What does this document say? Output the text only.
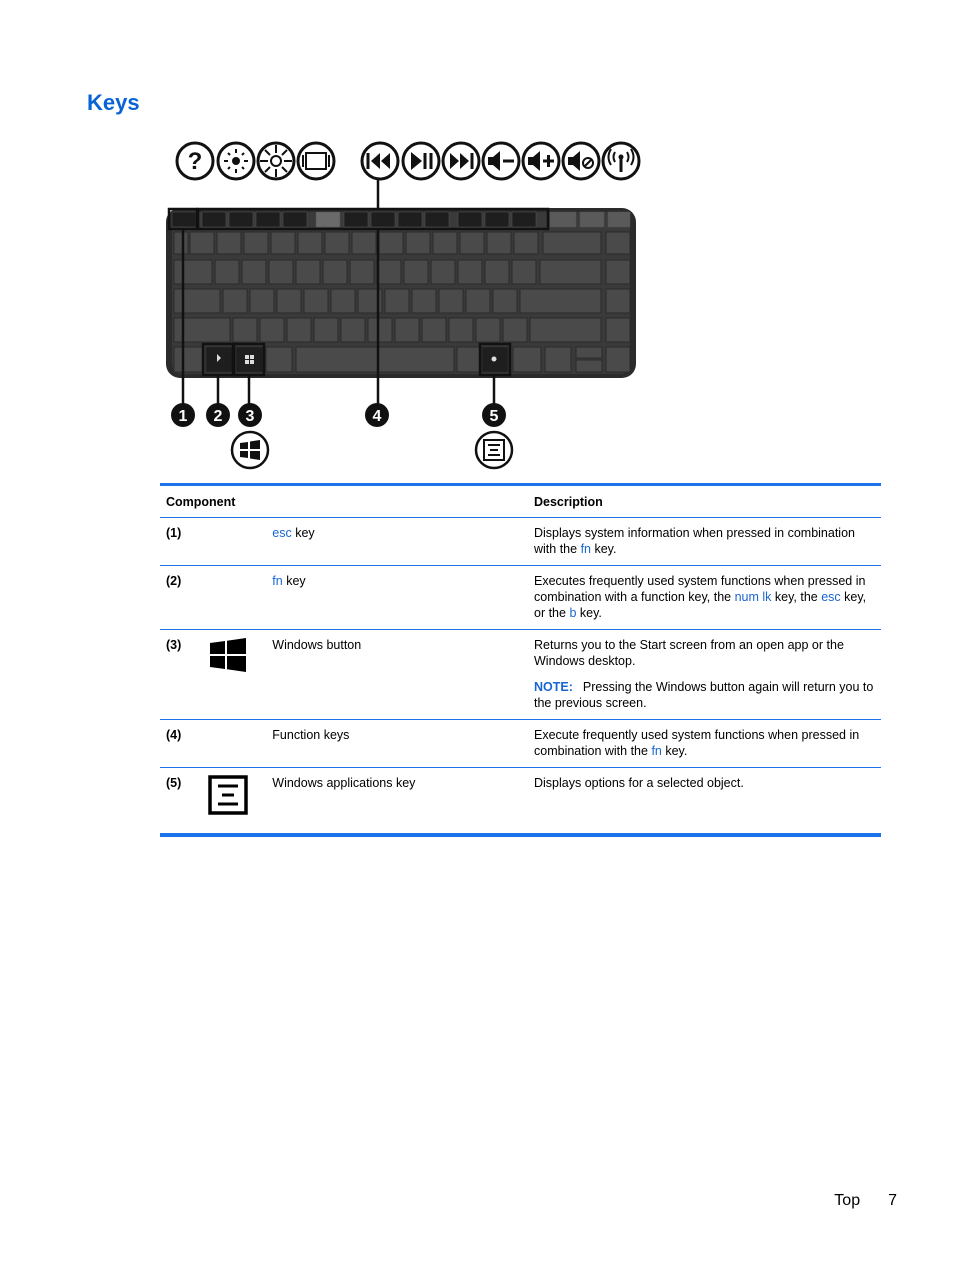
Keys
?
1 2 3	4	5
Component			Description
(1)		esc key	Displays system information when pressed in combination with the fn key.

(2)		fn key	Executes frequently used system functions when pressed in combination with a function key, the num lk key, the esc key, or the b key.

(3)		Windows button	Returns you to the Start screen from an open app or the Windows desktop.

NOTE: Pressing the Windows button again will return you to the previous screen.

(4)		Function keys	Execute frequently used system functions when pressed in combination with the fn key.

(5)		Windows applications key	Displays options for a selected object.

Top 7
